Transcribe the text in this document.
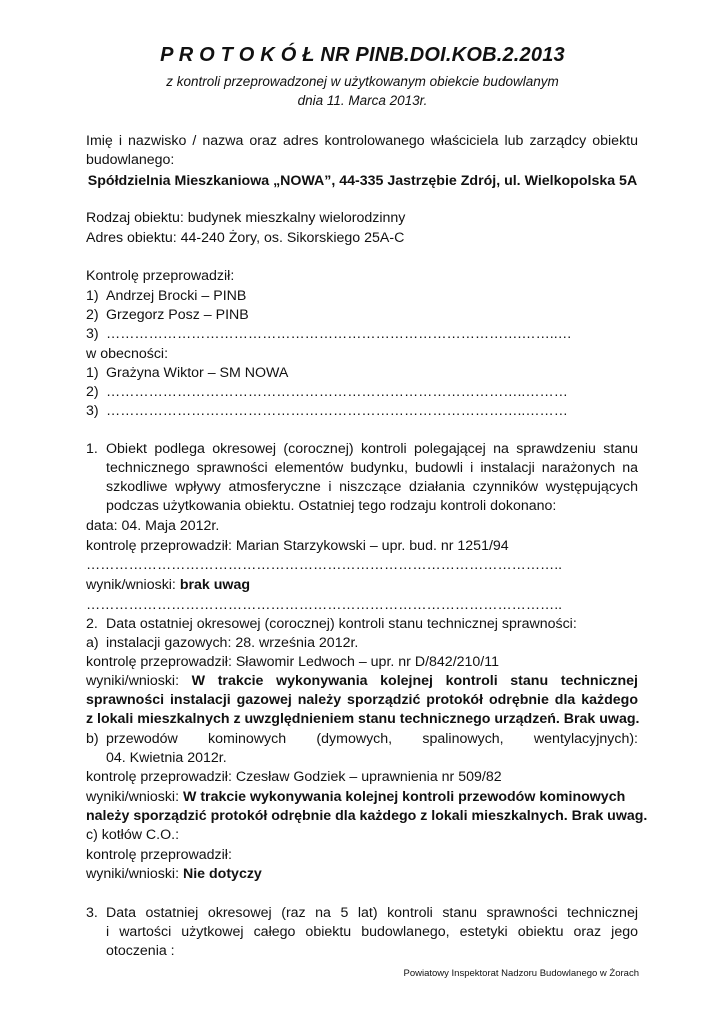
P R O T O K Ó Ł NR PINB.DOI.KOB.2.2013
z kontroli przeprowadzonej w użytkowanym obiekcie budowlanym
dnia 11. Marca 2013r.
Imię i nazwisko / nazwa oraz adres kontrolowanego właściciela lub zarządcy obiektu
budowlanego:
Spółdzielnia Mieszkaniowa „NOWA”, 44-335 Jastrzębie Zdrój, ul. Wielkopolska 5A
Rodzaj obiektu: budynek mieszkalny wielorodzinny
Adres obiektu: 44-240 Żory, os. Sikorskiego 25A-C
Kontrolę przeprowadził:
1) Andrzej Brocki – PINB
2) Grzegorz Posz – PINB
3) …………………………………………………………………………….……..…
w obecności:
1) Grażyna Wiktor – SM NOWA
2) ……………………………………………………………………………..………
3) ……………………………………………………………………………..………
1. Obiekt podlega okresowej (corocznej) kontroli polegającej na sprawdzeniu stanu
technicznego sprawności elementów budynku, budowli i instalacji narażonych na
szkodliwe wpływy atmosferyczne i niszczące działania czynników występujących
podczas użytkowania obiektu. Ostatniej tego rodzaju kontroli dokonano:
data: 04. Maja 2012r.
kontrolę przeprowadził: Marian Starzykowski – upr. bud. nr 1251/94
………………………………………………………………………………………..
wynik/wnioski: brak uwag
………………………………………………………………………………………..
2. Data ostatniej okresowej (corocznej) kontroli stanu technicznej sprawności:
a) instalacji gazowych: 28. września 2012r.
kontrolę przeprowadził: Sławomir Ledwoch – upr. nr D/842/210/11
wyniki/wnioski: W trakcie wykonywania kolejnej kontroli stanu technicznej
sprawności instalacji gazowej należy sporządzić protokół odrębnie dla każdego
z lokali mieszkalnych z uwzględnieniem stanu technicznego urządzeń. Brak uwag.
b) przewodów kominowych (dymowych, spalinowych, wentylacyjnych):
04. Kwietnia 2012r.
kontrolę przeprowadził: Czesław Godziek – uprawnienia nr 509/82
wyniki/wnioski: W trakcie wykonywania kolejnej kontroli przewodów kominowych
należy sporządzić protokół odrębnie dla każdego z lokali mieszkalnych. Brak uwag.
c) kotłów C.O.:
kontrolę przeprowadził:
wyniki/wnioski: Nie dotyczy
3. Data ostatniej okresowej (raz na 5 lat) kontroli stanu sprawności technicznej
i wartości użytkowej całego obiektu budowlanego, estetyki obiektu oraz jego
otoczenia :
Powiatowy Inspektorat Nadzoru Budowlanego w Żorach
